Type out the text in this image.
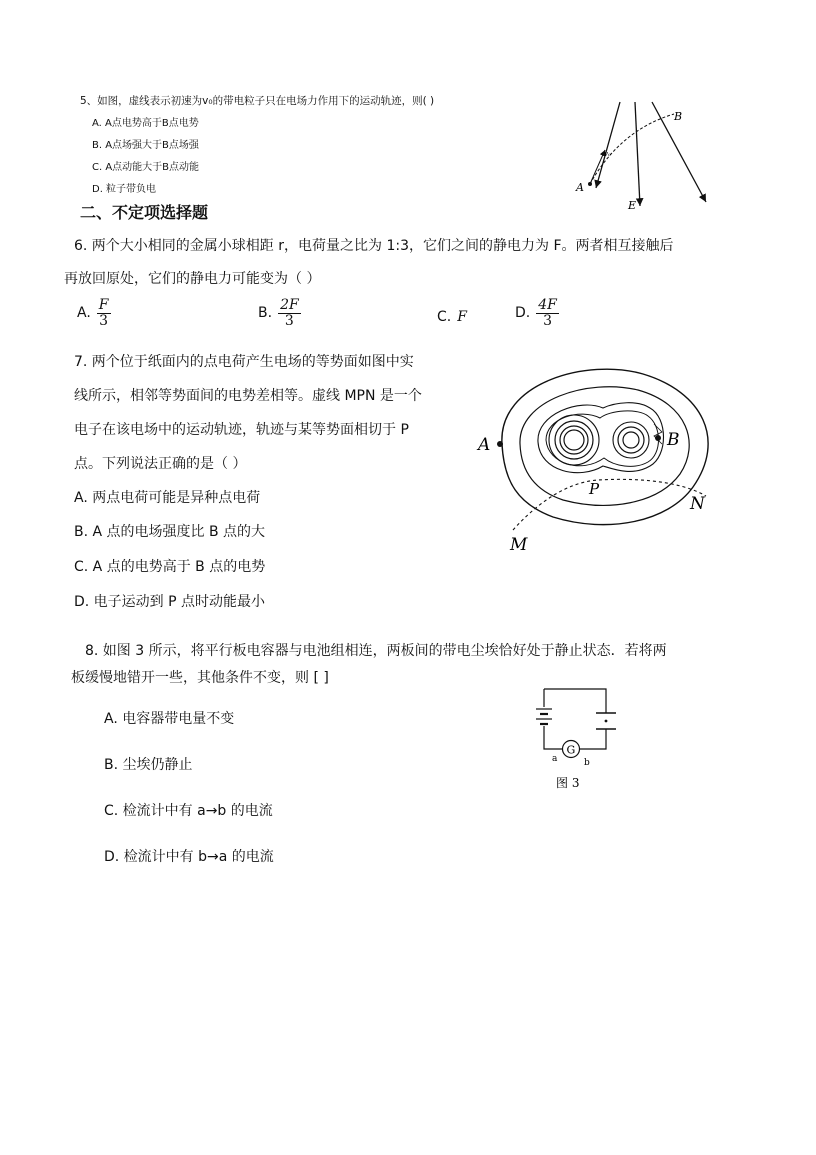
5、如图，虚线表示初速为v₀的带电粒子只在电场力作用下的运动轨迹，则( )
A. A点电势高于B点电势
B. A点场强大于B点场强
C. A点动能大于B点动能
D. 粒子带负电	A
B
E
v₀
二、不定项选择题
6. 两个大小相同的金属小球相距 r，电荷量之比为 1:3，它们之间的静电力为 F。两者相互接触后
再放回原处，它们的静电力可能变为（ ）
A. $\frac{F}{3}$	B. $\frac{2F}{3}$	C. F	D. $\frac{4F}{3}$
7. 两个位于纸面内的点电荷产生电场的等势面如图中实
线所示，相邻等势面间的电势差相等。虚线 MPN 是一个
电子在该电场中的运动轨迹，轨迹与某等势面相切于 P
点。下列说法正确的是（ ）
A. 两点电荷可能是异种点电荷
B. A 点的电场强度比 B 点的大
C. A 点的电势高于 B 点的电势
D. 电子运动到 P 点时动能最小
A	B
P
M
N
8. 如图 3 所示，将平行板电容器与电池组相连，两板间的带电尘埃恰好处于静止状态．若将两
板缓慢地错开一些，其他条件不变，则 [ ]
A. 电容器带电量不变
B. 尘埃仍静止
C. 检流计中有 a→b 的电流
D. 检流计中有 b→a 的电流
G
a	b
图 3
